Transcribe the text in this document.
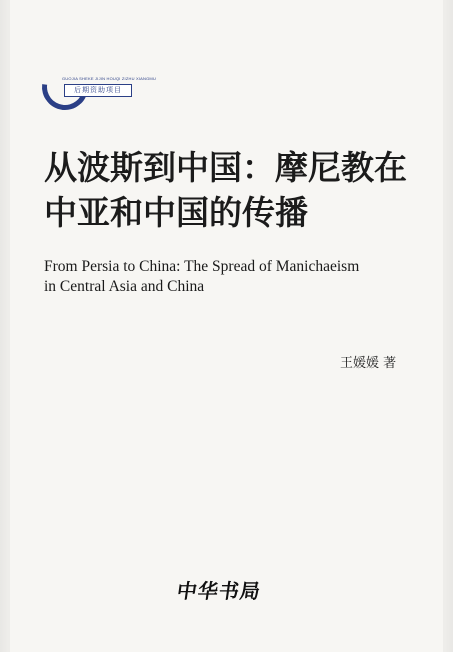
GUOJIA SHEKE JIJIN HOUQI ZIZHU XIANGMU
后期资助项目
从波斯到中国：摩尼教在
中亚和中国的传播
From Persia to China: The Spread of Manichaeism
in Central Asia and China
王媛媛 著
中华书局
